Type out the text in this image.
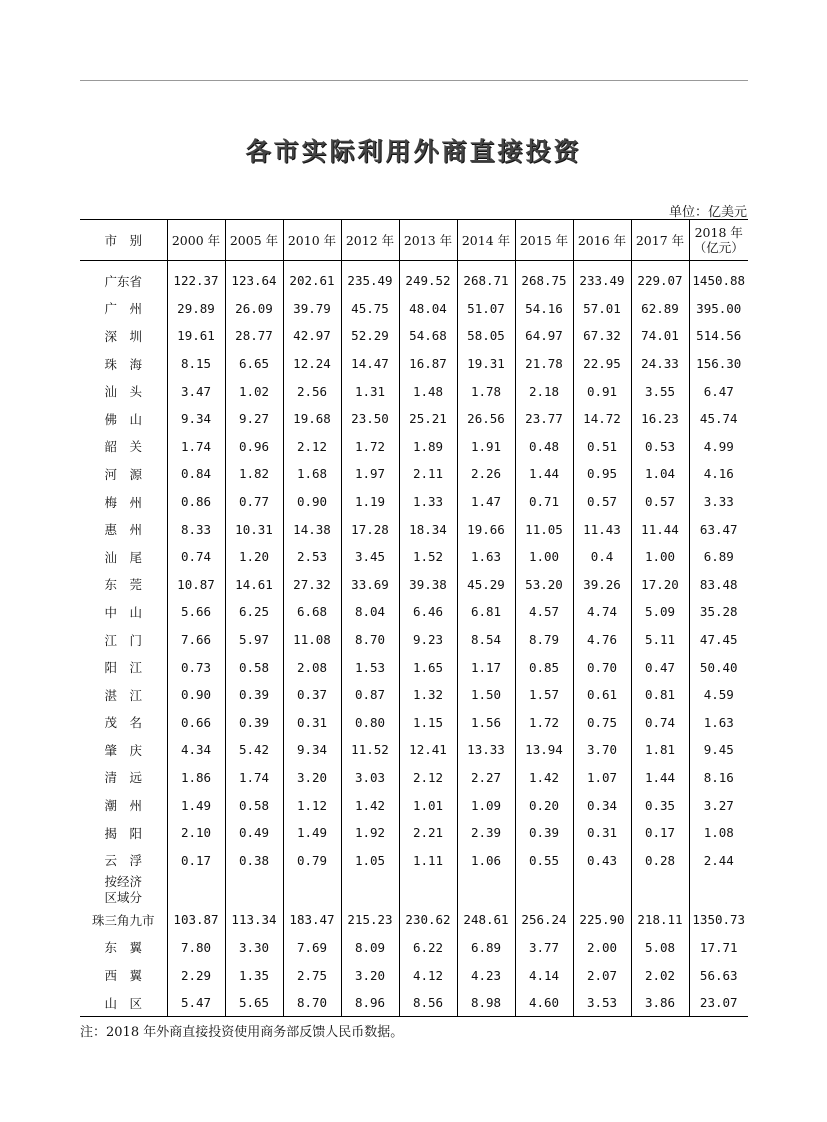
各市实际利用外商直接投资
单位：亿美元
市　别	2000 年	2005 年	2010 年	2012 年	2013 年	2014 年	2015 年	2016 年	2017 年	2018 年
（亿元）
广东省	122.37	123.64	202.61	235.49	249.52	268.71	268.75	233.49	229.07	1450.88
广　州	29.89	26.09	39.79	45.75	48.04	51.07	54.16	57.01	62.89	395.00
深　圳	19.61	28.77	42.97	52.29	54.68	58.05	64.97	67.32	74.01	514.56
珠　海	8.15	6.65	12.24	14.47	16.87	19.31	21.78	22.95	24.33	156.30
汕　头	3.47	1.02	2.56	1.31	1.48	1.78	2.18	0.91	3.55	6.47
佛　山	9.34	9.27	19.68	23.50	25.21	26.56	23.77	14.72	16.23	45.74
韶　关	1.74	0.96	2.12	1.72	1.89	1.91	0.48	0.51	0.53	4.99
河　源	0.84	1.82	1.68	1.97	2.11	2.26	1.44	0.95	1.04	4.16
梅　州	0.86	0.77	0.90	1.19	1.33	1.47	0.71	0.57	0.57	3.33
惠　州	8.33	10.31	14.38	17.28	18.34	19.66	11.05	11.43	11.44	63.47
汕　尾	0.74	1.20	2.53	3.45	1.52	1.63	1.00	0.4	1.00	6.89
东　莞	10.87	14.61	27.32	33.69	39.38	45.29	53.20	39.26	17.20	83.48
中　山	5.66	6.25	6.68	8.04	6.46	6.81	4.57	4.74	5.09	35.28
江　门	7.66	5.97	11.08	8.70	9.23	8.54	8.79	4.76	5.11	47.45
阳　江	0.73	0.58	2.08	1.53	1.65	1.17	0.85	0.70	0.47	50.40
湛　江	0.90	0.39	0.37	0.87	1.32	1.50	1.57	0.61	0.81	4.59
茂　名	0.66	0.39	0.31	0.80	1.15	1.56	1.72	0.75	0.74	1.63
肇　庆	4.34	5.42	9.34	11.52	12.41	13.33	13.94	3.70	1.81	9.45
清　远	1.86	1.74	3.20	3.03	2.12	2.27	1.42	1.07	1.44	8.16
潮　州	1.49	0.58	1.12	1.42	1.01	1.09	0.20	0.34	0.35	3.27
揭　阳	2.10	0.49	1.49	1.92	2.21	2.39	0.39	0.31	0.17	1.08
云　浮	0.17	0.38	0.79	1.05	1.11	1.06	0.55	0.43	0.28	2.44
按经济
区域分										
珠三角九市	103.87	113.34	183.47	215.23	230.62	248.61	256.24	225.90	218.11	1350.73
东　翼	7.80	3.30	7.69	8.09	6.22	6.89	3.77	2.00	5.08	17.71
西　翼	2.29	1.35	2.75	3.20	4.12	4.23	4.14	2.07	2.02	56.63
山　区	5.47	5.65	8.70	8.96	8.56	8.98	4.60	3.53	3.86	23.07
注：2018 年外商直接投资使用商务部反馈人民币数据。
